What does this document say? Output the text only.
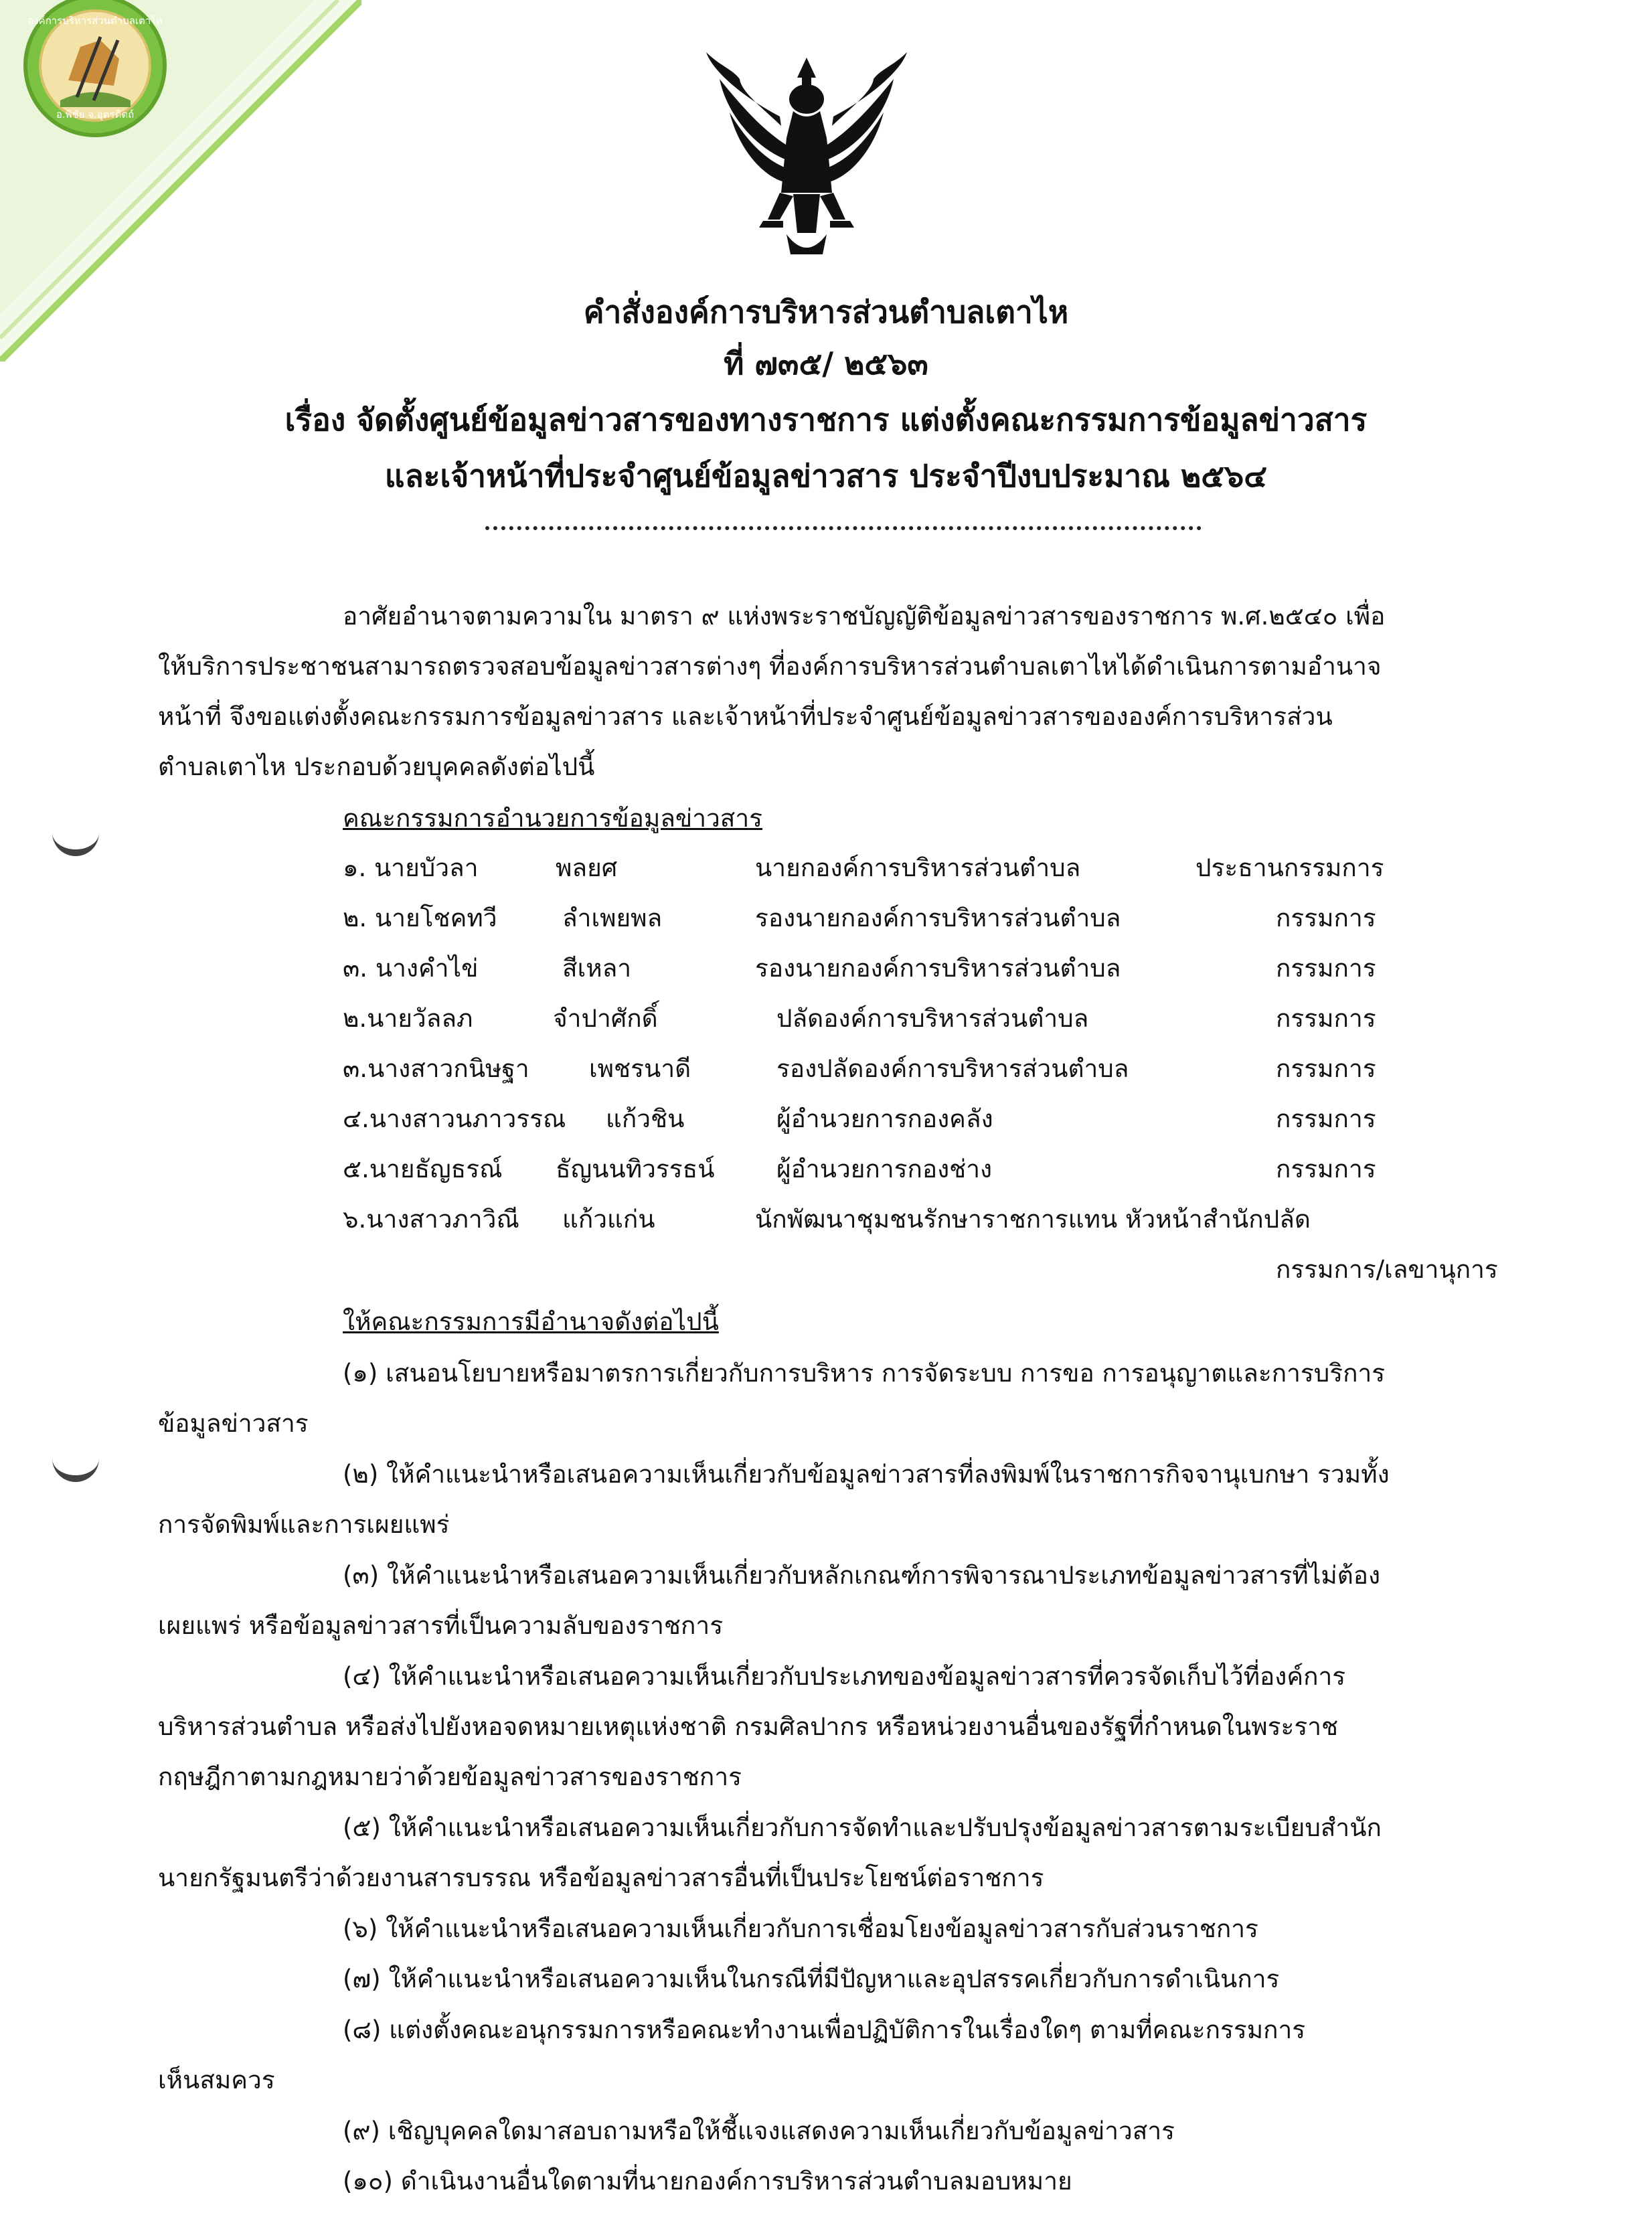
องค์การบริหารส่วนตำบลเตาไห
อ.พิชัย จ.อุตรดิตถ์
คำสั่งองค์การบริหารส่วนตำบลเตาไห
ที่ ๗๓๕/ ๒๕๖๓
เรื่อง จัดตั้งศูนย์ข้อมูลข่าวสารของทางราชการ แต่งตั้งคณะกรรมการข้อมูลข่าวสาร
และเจ้าหน้าที่ประจำศูนย์ข้อมูลข่าวสาร ประจำปีงบประมาณ ๒๕๖๔
อาศัยอำนาจตามความใน มาตรา ๙ แห่งพระราชบัญญัติข้อมูลข่าวสารของราชการ พ.ศ.๒๕๔๐ เพื่อ
ให้บริการประชาชนสามารถตรวจสอบข้อมูลข่าวสารต่างๆ ที่องค์การบริหารส่วนตำบลเตาไหได้ดำเนินการตามอำนาจ
หน้าที่ จึงขอแต่งตั้งคณะกรรมการข้อมูลข่าวสาร และเจ้าหน้าที่ประจำศูนย์ข้อมูลข่าวสารขององค์การบริหารส่วน
ตำบลเตาไห ประกอบด้วยบุคคลดังต่อไปนี้
คณะกรรมการอำนวยการข้อมูลข่าวสาร
๑. นายบัวลา	พลยศ	นายกองค์การบริหารส่วนตำบล	ประธานกรรมการ
๒. นายโชคทวี	ลำเพยพล	รองนายกองค์การบริหารส่วนตำบล	กรรมการ
๓. นางคำไข่	สีเหลา	รองนายกองค์การบริหารส่วนตำบล	กรรมการ
๒.นายวัลลภ	จำปาศักดิ์	ปลัดองค์การบริหารส่วนตำบล	กรรมการ
๓.นางสาวกนิษฐา เพชรนาดี	รองปลัดองค์การบริหารส่วนตำบล	กรรมการ
๔.นางสาวนภาวรรณ แก้วชิน	ผู้อำนวยการกองคลัง	กรรมการ
๕.นายธัญธรณ์ ธัญนนทิวรรธน์	ผู้อำนวยการกองช่าง	กรรมการ
๖.นางสาวภาวิณี แก้วแก่น	นักพัฒนาชุมชนรักษาราชการแทน หัวหน้าสำนักปลัด
กรรมการ/เลขานุการ
ให้คณะกรรมการมีอำนาจดังต่อไปนี้
(๑) เสนอนโยบายหรือมาตรการเกี่ยวกับการบริหาร การจัดระบบ การขอ การอนุญาตและการบริการ
ข้อมูลข่าวสาร
(๒) ให้คำแนะนำหรือเสนอความเห็นเกี่ยวกับข้อมูลข่าวสารที่ลงพิมพ์ในราชการกิจจานุเบกษา รวมทั้ง
การจัดพิมพ์และการเผยแพร่
(๓) ให้คำแนะนำหรือเสนอความเห็นเกี่ยวกับหลักเกณฑ์การพิจารณาประเภทข้อมูลข่าวสารที่ไม่ต้อง
เผยแพร่ หรือข้อมูลข่าวสารที่เป็นความลับของราชการ
(๔) ให้คำแนะนำหรือเสนอความเห็นเกี่ยวกับประเภทของข้อมูลข่าวสารที่ควรจัดเก็บไว้ที่องค์การ
บริหารส่วนตำบล หรือส่งไปยังหอจดหมายเหตุแห่งชาติ กรมศิลปากร หรือหน่วยงานอื่นของรัฐที่กำหนดในพระราช
กฤษฎีกาตามกฎหมายว่าด้วยข้อมูลข่าวสารของราชการ
(๕) ให้คำแนะนำหรือเสนอความเห็นเกี่ยวกับการจัดทำและปรับปรุงข้อมูลข่าวสารตามระเบียบสำนัก
นายกรัฐมนตรีว่าด้วยงานสารบรรณ หรือข้อมูลข่าวสารอื่นที่เป็นประโยชน์ต่อราชการ
(๖) ให้คำแนะนำหรือเสนอความเห็นเกี่ยวกับการเชื่อมโยงข้อมูลข่าวสารกับส่วนราชการ
(๗) ให้คำแนะนำหรือเสนอความเห็นในกรณีที่มีปัญหาและอุปสรรคเกี่ยวกับการดำเนินการ
(๘) แต่งตั้งคณะอนุกรรมการหรือคณะทำงานเพื่อปฏิบัติการในเรื่องใดๆ ตามที่คณะกรรมการ
เห็นสมควร
(๙) เชิญบุคคลใดมาสอบถามหรือให้ชี้แจงแสดงความเห็นเกี่ยวกับข้อมูลข่าวสาร
(๑๐) ดำเนินงานอื่นใดตามที่นายกองค์การบริหารส่วนตำบลมอบหมาย
